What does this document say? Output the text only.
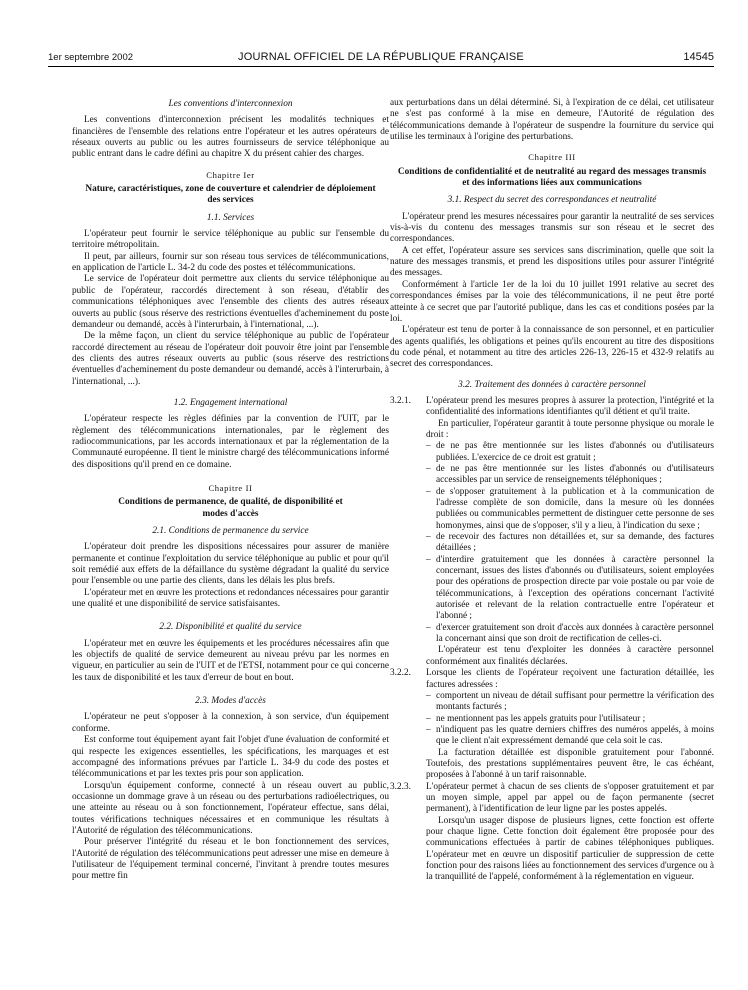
1er septembre 2002	JOURNAL OFFICIEL DE LA RÉPUBLIQUE FRANÇAISE	14545
Les conventions d'interconnexion

Les conventions d'interconnexion précisent les modalités techniques et financières de l'ensemble des relations entre l'opérateur et les autres opérateurs de réseaux ouverts au public ou les autres fournisseurs de service téléphonique au public entrant dans le cadre défini au chapitre X du présent cahier des charges.

Chapitre Ier
Nature, caractéristiques, zone de couverture et calendrier de déploiement des services
1.1. Services

L'opérateur peut fournir le service téléphonique au public sur l'ensemble du territoire métropolitain.

Il peut, par ailleurs, fournir sur son réseau tous services de télécommunications, en application de l'article L. 34-2 du code des postes et télécommunications.

Le service de l'opérateur doit permettre aux clients du service téléphonique au public de l'opérateur, raccordés directement à son réseau, d'établir des communications téléphoniques avec l'ensemble des clients des autres réseaux ouverts au public (sous réserve des restrictions éventuelles d'acheminement du poste demandeur ou demandé, accès à l'interurbain, à l'international, ...).

De la même façon, un client du service téléphonique au public de l'opérateur raccordé directement au réseau de l'opérateur doit pouvoir être joint par l'ensemble des clients des autres réseaux ouverts au public (sous réserve des restrictions éventuelles d'acheminement du poste demandeur ou demandé, accès à l'interurbain, à l'international, ...).

1.2. Engagement international

L'opérateur respecte les règles définies par la convention de l'UIT, par le règlement des télécommunications internationales, par le règlement des radiocommunications, par les accords internationaux et par la réglementation de la Communauté européenne. Il tient le ministre chargé des télécommunications informé des dispositions qu'il prend en ce domaine.

Chapitre II
Conditions de permanence, de qualité, de disponibilité et modes d'accès
2.1. Conditions de permanence du service

L'opérateur doit prendre les dispositions nécessaires pour assurer de manière permanente et continue l'exploitation du service téléphonique au public et pour qu'il soit remédié aux effets de la défaillance du système dégradant la qualité du service pour l'ensemble ou une partie des clients, dans les délais les plus brefs.

L'opérateur met en œuvre les protections et redondances nécessaires pour garantir une qualité et une disponibilité de service satisfaisantes.

2.2. Disponibilité et qualité du service

L'opérateur met en œuvre les équipements et les procédures nécessaires afin que les objectifs de qualité de service demeurent au niveau prévu par les normes en vigueur, en particulier au sein de l'UIT et de l'ETSI, notamment pour ce qui concerne les taux de disponibilité et les taux d'erreur de bout en bout.

2.3. Modes d'accès

L'opérateur ne peut s'opposer à la connexion, à son service, d'un équipement conforme.

Est conforme tout équipement ayant fait l'objet d'une évaluation de conformité et qui respecte les exigences essentielles, les spécifications, les marquages et est accompagné des informations prévues par l'article L. 34-9 du code des postes et télécommunications et par les textes pris pour son application.

Lorsqu'un équipement conforme, connecté à un réseau ouvert au public, occasionne un dommage grave à un réseau ou des perturbations radioélectriques, ou une atteinte au réseau ou à son fonctionnement, l'opérateur effectue, sans délai, toutes vérifications techniques nécessaires et en communique les résultats à l'Autorité de régulation des télécommunications.

Pour préserver l'intégrité du réseau et le bon fonctionnement des services, l'Autorité de régulation des télécommunications peut adresser une mise en demeure à l'utilisateur de l'équipement terminal concerné, l'invitant à prendre toutes mesures pour mettre fin

aux perturbations dans un délai déterminé. Si, à l'expiration de ce délai, cet utilisateur ne s'est pas conformé à la mise en demeure, l'Autorité de régulation des télécommunications demande à l'opérateur de suspendre la fourniture du service qui utilise les terminaux à l'origine des perturbations.

Chapitre III
Conditions de confidentialité et de neutralité au regard des messages transmis et des informations liées aux communications
3.1. Respect du secret des correspondances et neutralité

L'opérateur prend les mesures nécessaires pour garantir la neutralité de ses services vis-à-vis du contenu des messages transmis sur son réseau et le secret des correspondances.

A cet effet, l'opérateur assure ses services sans discrimination, quelle que soit la nature des messages transmis, et prend les dispositions utiles pour assurer l'intégrité des messages.

Conformément à l'article 1er de la loi du 10 juillet 1991 relative au secret des correspondances émises par la voie des télécommunications, il ne peut être porté atteinte à ce secret que par l'autorité publique, dans les cas et conditions posées par la loi.

L'opérateur est tenu de porter à la connaissance de son personnel, et en particulier des agents qualifiés, les obligations et peines qu'ils encourent au titre des dispositions du code pénal, et notamment au titre des articles 226-13, 226-15 et 432-9 relatifs au secret des correspondances.

3.2. Traitement des données à caractère personnel
3.2.1. L'opérateur prend les mesures propres à assurer la protection, l'intégrité et la confidentialité des informations identifiantes qu'il détient et qu'il traite.

En particulier, l'opérateur garantit à toute personne physique ou morale le droit :

– de ne pas être mentionnée sur les listes d'abonnés ou d'utilisateurs publiées. L'exercice de ce droit est gratuit ;
– de ne pas être mentionnée sur les listes d'abonnés ou d'utilisateurs accessibles par un service de renseignements téléphoniques ;
– de s'opposer gratuitement à la publication et à la communication de l'adresse complète de son domicile, dans la mesure où les données publiées ou communicables permettent de distinguer cette personne de ses homonymes, ainsi que de s'opposer, s'il y a lieu, à l'indication du sexe ;
– de recevoir des factures non détaillées et, sur sa demande, des factures détaillées ;
– d'interdire gratuitement que les données à caractère personnel la concernant, issues des listes d'abonnés ou d'utilisateurs, soient employées pour des opérations de prospection directe par voie postale ou par voie de télécommunications, à l'exception des opérations concernant l'activité autorisée et relevant de la relation contractuelle entre l'opérateur et l'abonné ;
– d'exercer gratuitement son droit d'accès aux données à caractère personnel la concernant ainsi que son droit de rectification de celles-ci.

L'opérateur est tenu d'exploiter les données à caractère personnel conformément aux finalités déclarées.

3.2.2. Lorsque les clients de l'opérateur reçoivent une facturation détaillée, les factures adressées :

– comportent un niveau de détail suffisant pour permettre la vérification des montants facturés ;
– ne mentionnent pas les appels gratuits pour l'utilisateur ;
– n'indiquent pas les quatre derniers chiffres des numéros appelés, à moins que le client n'ait expressément demandé que cela soit le cas.

La facturation détaillée est disponible gratuitement pour l'abonné. Toutefois, des prestations supplémentaires peuvent être, le cas échéant, proposées à l'abonné à un tarif raisonnable.

3.2.3. L'opérateur permet à chacun de ses clients de s'opposer gratuitement et par un moyen simple, appel par appel ou de façon permanente (secret permanent), à l'identification de leur ligne par les postes appelés.

Lorsqu'un usager dispose de plusieurs lignes, cette fonction est offerte pour chaque ligne. Cette fonction doit également être proposée pour des communications effectuées à partir de cabines téléphoniques publiques. L'opérateur met en œuvre un dispositif particulier de suppression de cette fonction pour des raisons liées au fonctionnement des services d'urgence ou à la tranquillité de l'appelé, conformément à la réglementation en vigueur.
